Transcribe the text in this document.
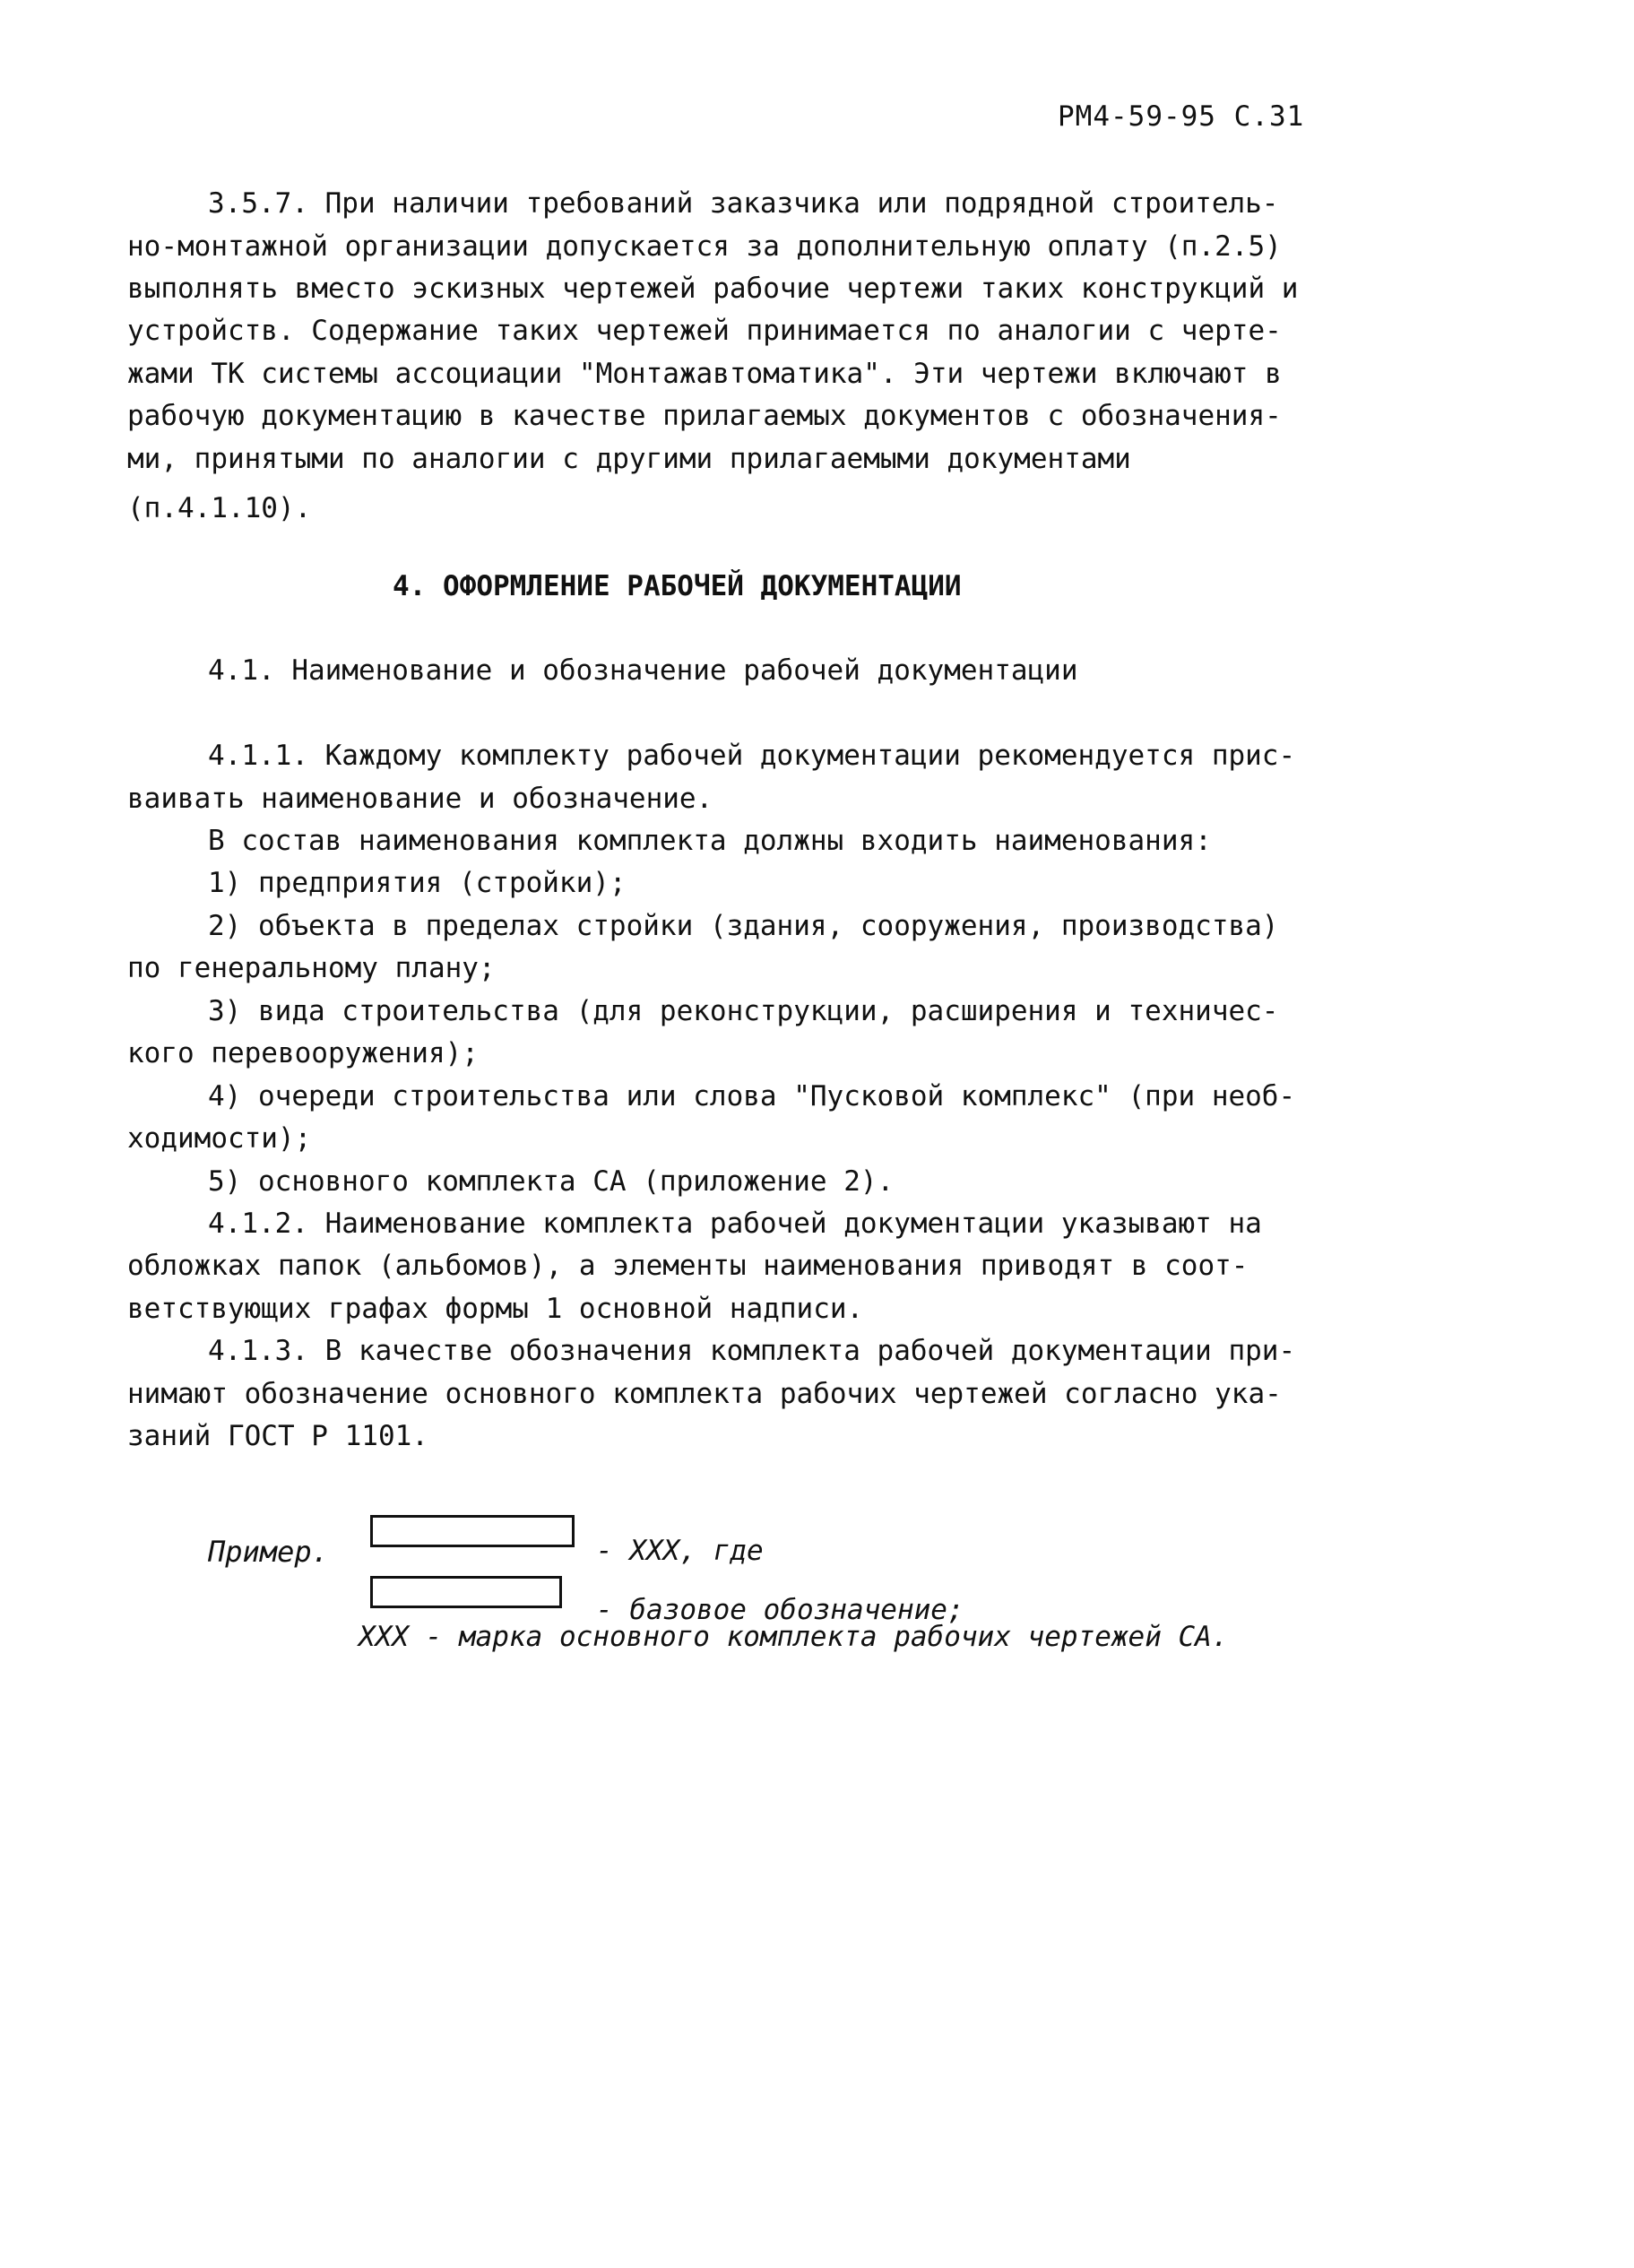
РМ4-59-95 С.31
3.5.7. При наличии требований заказчика или подрядной строитель-
но-монтажной организации допускается за дополнительную оплату (п.2.5)
выполнять вместо эскизных чертежей рабочие чертежи таких конструкций и
устройств. Содержание таких чертежей принимается по аналогии с черте-
жами ТК системы ассоциации "Монтажавтоматика". Эти чертежи включают в
рабочую документацию в качестве прилагаемых документов с обозначения-
ми, принятыми по аналогии с другими прилагаемыми документами
(п.4.1.10).
4. ОФОРМЛЕНИЕ РАБОЧЕЙ ДОКУМЕНТАЦИИ
4.1. Наименование и обозначение рабочей документации
4.1.1. Каждому комплекту рабочей документации рекомендуется прис-
ваивать наименование и обозначение.
В состав наименования комплекта должны входить наименования:
1) предприятия (стройки);
2) объекта в пределах стройки (здания, сооружения, производства)
по генеральному плану;
3) вида строительства (для реконструкции, расширения и техничес-
кого перевооружения);
4) очереди строительства или слова "Пусковой комплекс" (при необ-
ходимости);
5) основного комплекта СА (приложение 2).
4.1.2. Наименование комплекта рабочей документации указывают на
обложках папок (альбомов), а элементы наименования приводят в соот-
ветствующих графах формы 1 основной надписи.
4.1.3. В качестве обозначения комплекта рабочей документации при-
нимают обозначение основного комплекта рабочих чертежей согласно ука-
заний ГОСТ Р 1101.
Пример.	- XXX, где
- базовое обозначение;
XXX - марка основного комплекта рабочих чертежей СА.
